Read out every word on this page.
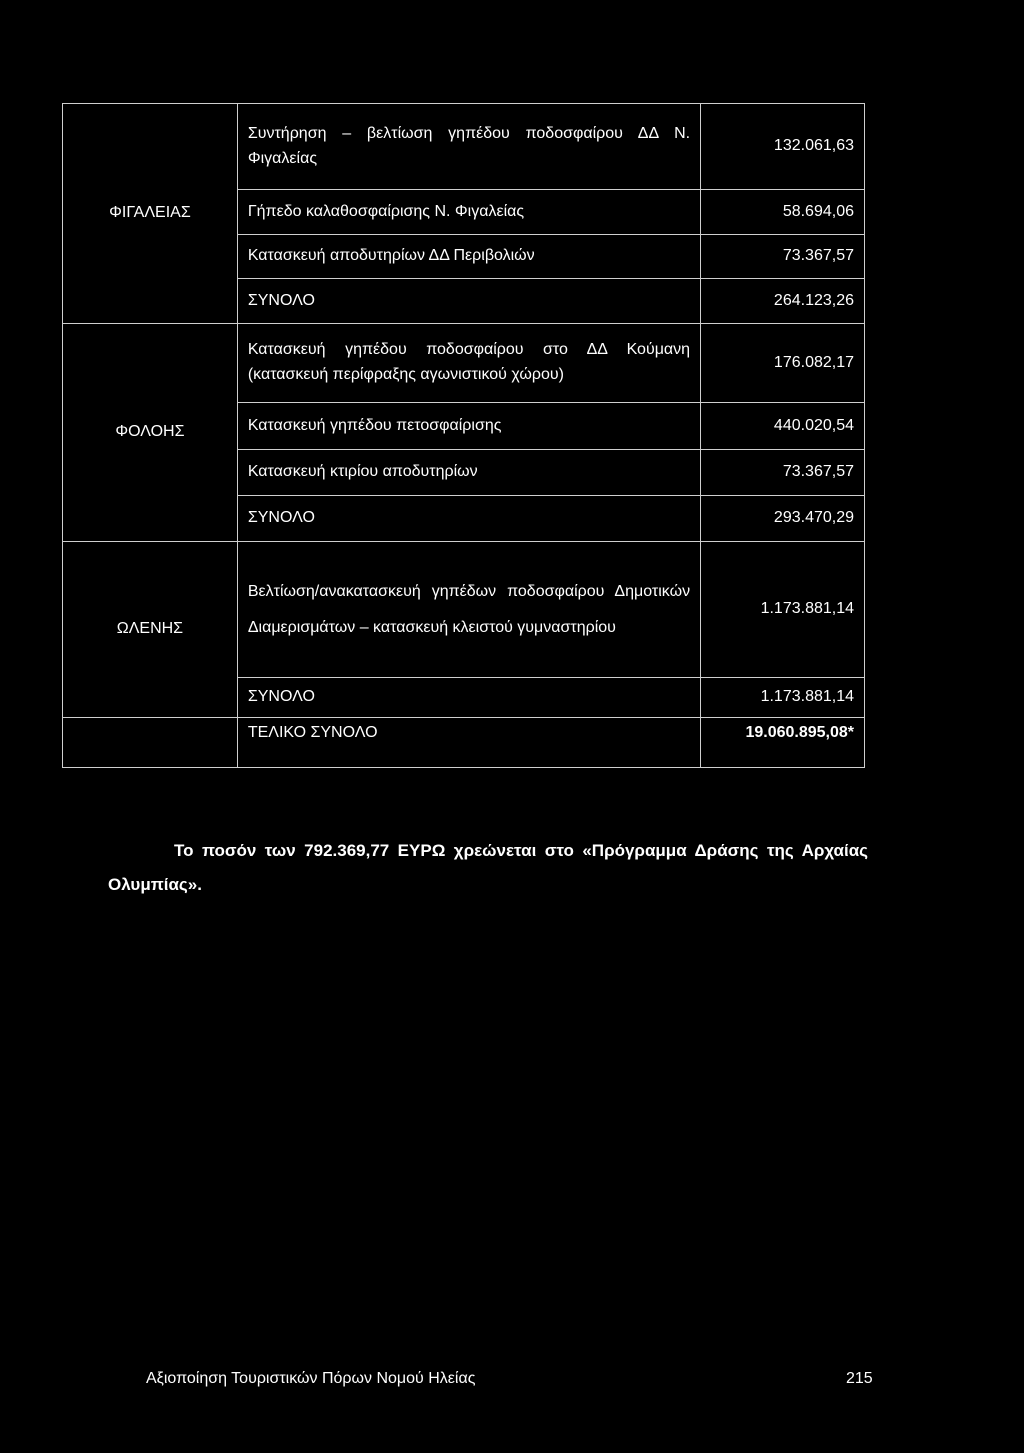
ΦΙΓΑΛΕΙΑΣ	Συντήρηση – βελτίωση γηπέδου ποδοσφαίρου ΔΔ Ν. Φιγαλείας	132.061,63
	Γήπεδο καλαθοσφαίρισης Ν. Φιγαλείας	58.694,06
	Κατασκευή αποδυτηρίων ΔΔ Περιβολιών	73.367,57
	ΣΥΝΟΛΟ	264.123,26
ΦΟΛΟΗΣ	Κατασκευή γηπέδου ποδοσφαίρου στο ΔΔ Κούμανη (κατασκευή περίφραξης αγωνιστικού χώρου)	176.082,17
	Κατασκευή γηπέδου πετοσφαίρισης	440.020,54
	Κατασκευή κτιρίου αποδυτηρίων	73.367,57
	ΣΥΝΟΛΟ	293.470,29
ΩΛΕΝΗΣ	Βελτίωση/ανακατασκευή γηπέδων ποδοσφαίρου Δημοτικών Διαμερισμάτων – κατασκευή κλειστού γυμναστηρίου	1.173.881,14
	ΣΥΝΟΛΟ	1.173.881,14
	ΤΕΛΙΚΟ ΣΥΝΟΛΟ	19.060.895,08*
Το ποσόν των 792.369,77 ΕΥΡΩ χρεώνεται στο «Πρόγραμμα Δράσης της Αρχαίας Ολυμπίας».
Αξιοποίηση Τουριστικών Πόρων Νομού Ηλείας	215
